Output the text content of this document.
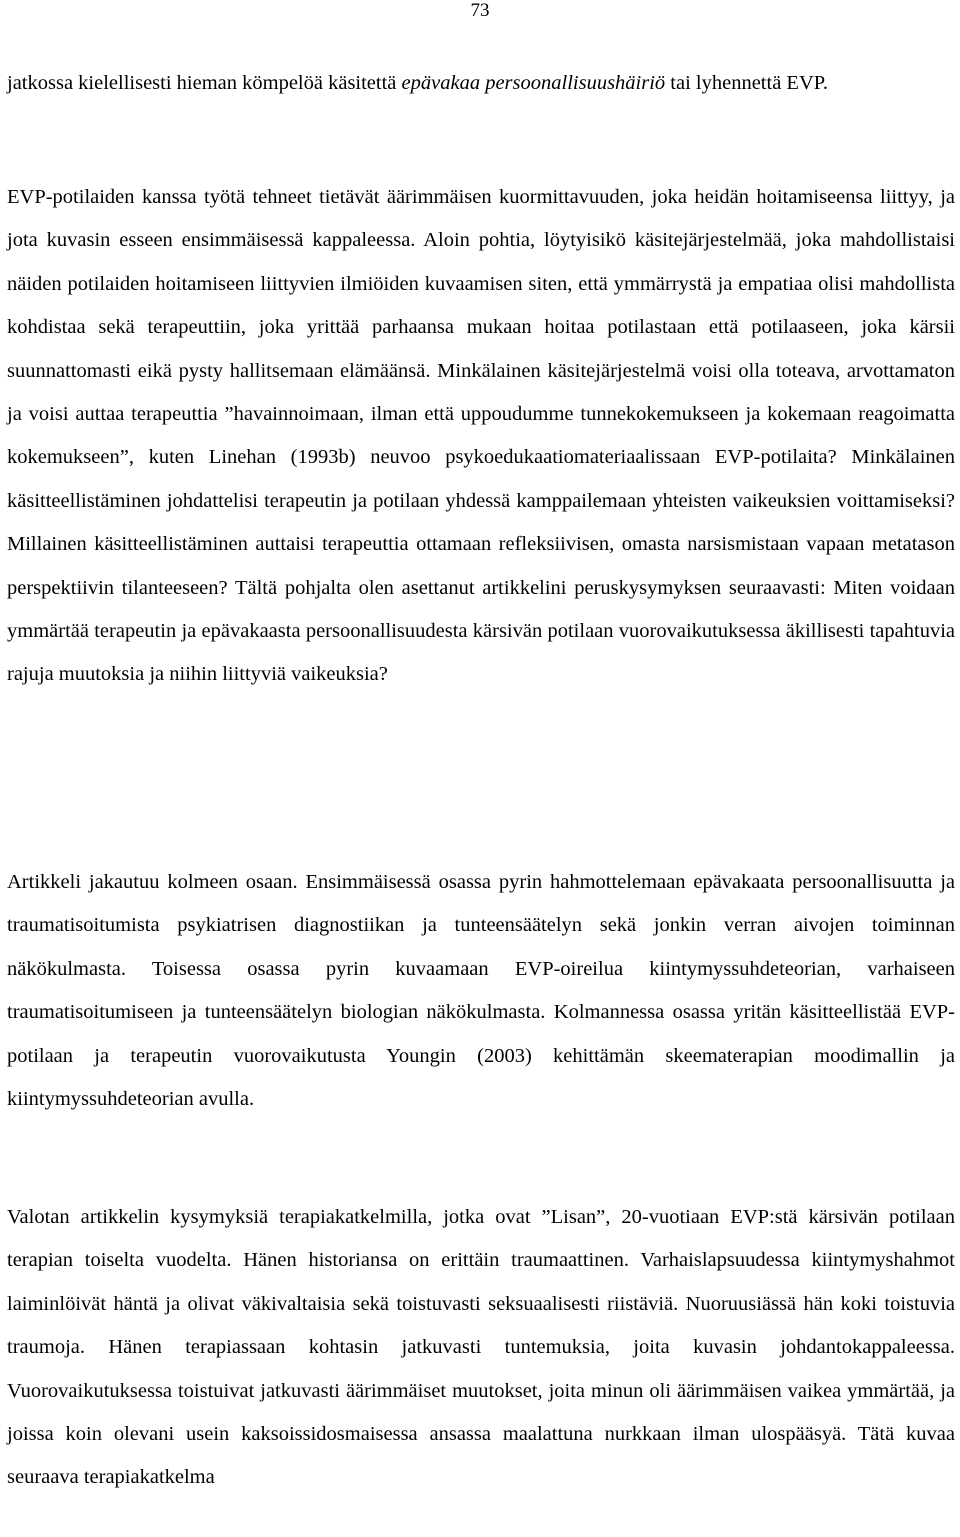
73

jatkossa kielellisesti hieman kömpelöä käsitettä epävakaa persoonallisuushäiriö tai lyhennettä EVP.

EVP-potilaiden kanssa työtä tehneet tietävät äärimmäisen kuormittavuuden, joka heidän hoitamiseensa liittyy, ja jota kuvasin esseen ensimmäisessä kappaleessa. Aloin pohtia, löytyisikö käsitejärjestelmää, joka mahdollistaisi näiden potilaiden hoitamiseen liittyvien ilmiöiden kuvaamisen siten, että ymmärrystä ja empatiaa olisi mahdollista kohdistaa sekä terapeuttiin, joka yrittää parhaansa mukaan hoitaa potilastaan että potilaaseen, joka kärsii suunnattomasti eikä pysty hallitsemaan elämäänsä. Minkälainen käsitejärjestelmä voisi olla toteava, arvottamaton ja voisi auttaa terapeuttia ”havainnoimaan, ilman että uppoudumme tunnekokemukseen ja kokemaan reagoimatta kokemukseen”, kuten Linehan (1993b) neuvoo psykoedukaatiomateriaalissaan EVP-potilaita? Minkälainen käsitteellistäminen johdattelisi terapeutin ja potilaan yhdessä kamppailemaan yhteisten vaikeuksien voittamiseksi? Millainen käsitteellistäminen auttaisi terapeuttia ottamaan refleksiivisen, omasta narsismistaan vapaan metatason perspektiivin tilanteeseen? Tältä pohjalta olen asettanut artikkelini peruskysymyksen seuraavasti: Miten voidaan ymmärtää terapeutin ja epävakaasta persoonallisuudesta kärsivän potilaan vuorovaikutuksessa äkillisesti tapahtuvia rajuja muutoksia ja niihin liittyviä vaikeuksia?

Artikkeli jakautuu kolmeen osaan. Ensimmäisessä osassa pyrin hahmottelemaan epävakaata persoonallisuutta ja traumatisoitumista psykiatrisen diagnostiikan ja tunteensäätelyn sekä jonkin verran aivojen toiminnan näkökulmasta. Toisessa osassa pyrin kuvaamaan EVP-oireilua kiintymyssuhdeteorian, varhaiseen traumatisoitumiseen ja tunteensäätelyn biologian näkökulmasta. Kolmannessa osassa yritän käsitteellistää EVP-potilaan ja terapeutin vuorovaikutusta Youngin (2003) kehittämän skeematerapian moodimallin ja kiintymyssuhdeteorian avulla.

Valotan artikkelin kysymyksiä terapiakatkelmilla, jotka ovat ”Lisan”, 20-vuotiaan EVP:stä kärsivän potilaan terapian toiselta vuodelta. Hänen historiansa on erittäin traumaattinen. Varhaislapsuudessa kiintymyshahmot laiminlöivät häntä ja olivat väkivaltaisia sekä toistuvasti seksuaalisesti riistäviä. Nuoruusiässä hän koki toistuvia traumoja. Hänen terapiassaan kohtasin jatkuvasti tuntemuksia, joita kuvasin johdantokappaleessa. Vuorovaikutuksessa toistuivat jatkuvasti äärimmäiset muutokset, joita minun oli äärimmäisen vaikea ymmärtää, ja joissa koin olevani usein kaksoissidosmaisessa ansassa maalattuna nurkkaan ilman ulospääsyä. Tätä kuvaa seuraava terapiakatkelma
